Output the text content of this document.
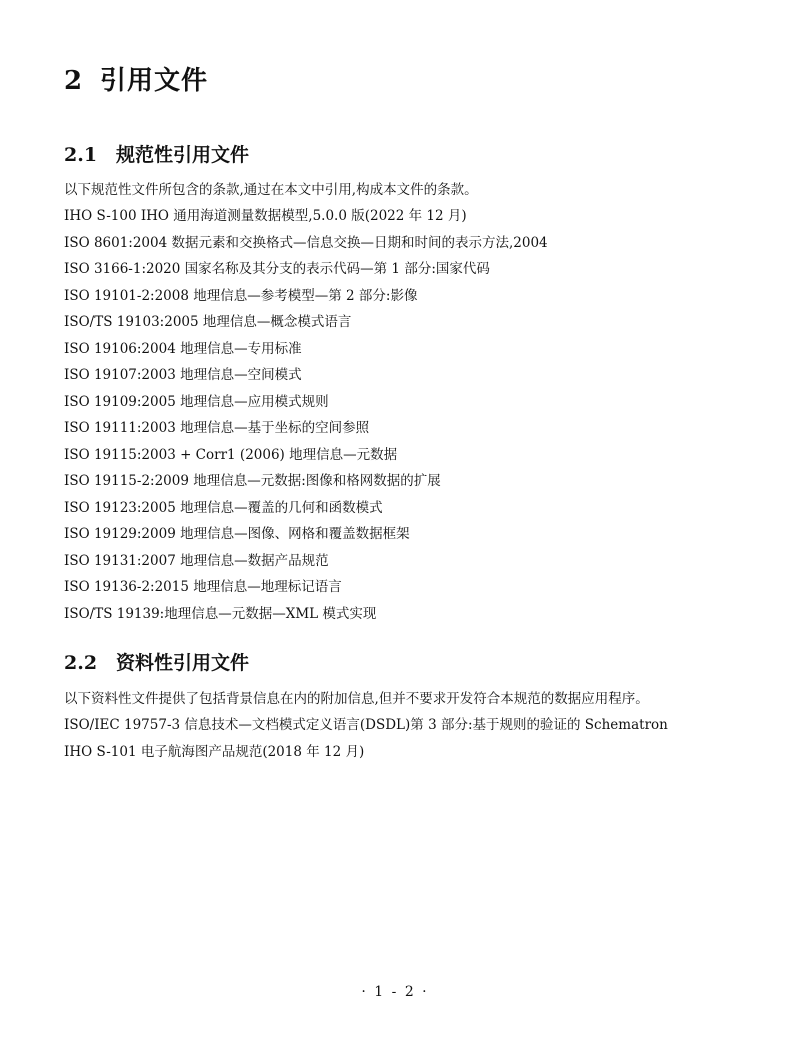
2 引用文件
2.1 规范性引用文件
以下规范性文件所包含的条款,通过在本文中引用,构成本文件的条款。
IHO S-100 IHO 通用海道测量数据模型,5.0.0 版(2022 年 12 月)
ISO 8601:2004 数据元素和交换格式—信息交换—日期和时间的表示方法,2004
ISO 3166-1:2020 国家名称及其分支的表示代码—第 1 部分:国家代码
ISO 19101-2:2008 地理信息—参考模型—第 2 部分:影像
ISO/TS 19103:2005 地理信息—概念模式语言
ISO 19106:2004 地理信息—专用标准
ISO 19107:2003 地理信息—空间模式
ISO 19109:2005 地理信息—应用模式规则
ISO 19111:2003 地理信息—基于坐标的空间参照
ISO 19115:2003 + Corr1 (2006) 地理信息—元数据
ISO 19115-2:2009 地理信息—元数据:图像和格网数据的扩展
ISO 19123:2005 地理信息—覆盖的几何和函数模式
ISO 19129:2009 地理信息—图像、网格和覆盖数据框架
ISO 19131:2007 地理信息—数据产品规范
ISO 19136-2:2015 地理信息—地理标记语言
ISO/TS 19139:地理信息—元数据—XML 模式实现
2.2 资料性引用文件
以下资料性文件提供了包括背景信息在内的附加信息,但并不要求开发符合本规范的数据应用程序。
ISO/IEC 19757-3 信息技术—文档模式定义语言(DSDL)第 3 部分:基于规则的验证的 Schematron
IHO S-101 电子航海图产品规范(2018 年 12 月)
· 1 - 2 ·
